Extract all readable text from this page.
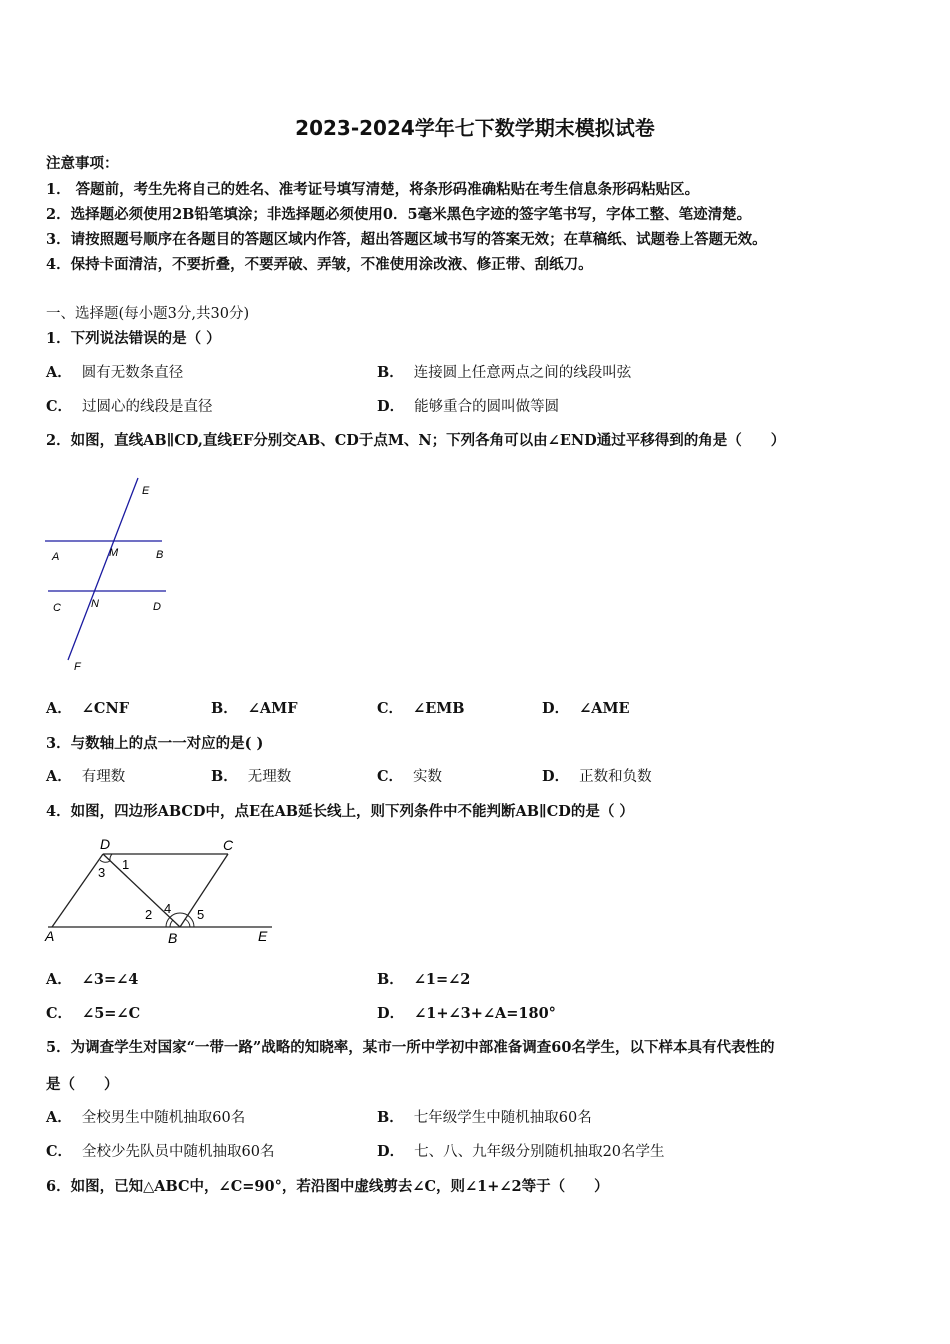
2023-2024学年七下数学期末模拟试卷
注意事项：
1． 答题前，考生先将自己的姓名、准考证号填写清楚，将条形码准确粘贴在考生信息条形码粘贴区。
2．选择题必须使用2B铅笔填涂；非选择题必须使用0．5毫米黑色字迹的签字笔书写，字体工整、笔迹清楚。
3．请按照题号顺序在各题目的答题区域内作答，超出答题区域书写的答案无效；在草稿纸、试题卷上答题无效。
4．保持卡面清洁，不要折叠，不要弄破、弄皱，不准使用涂改液、修正带、刮纸刀。
一、选择题(每小题3分,共30分)
1．下列说法错误的是（ ）
A． 圆有无数条直径	B． 连接圆上任意两点之间的线段叫弦
C． 过圆心的线段是直径	D． 能够重合的圆叫做等圆
2．如图，直线AB∥CD,直线EF分别交AB、CD于点M、N；下列各角可以由∠END通过平移得到的角是（　　）
E
A	M	B
C	N	D
F
A． ∠CNF	B． ∠AMF	C． ∠EMB	D． ∠AME
3．与数轴上的点一一对应的是( )
A． 有理数	B． 无理数	C． 实数	D． 正数和负数
4．如图，四边形ABCD中，点E在AB延长线上，则下列条件中不能判断AB∥CD的是（ ）
D	C
A	B	E
1
3
4
2	5
A． ∠3=∠4	B． ∠1=∠2
C． ∠5=∠C	D． ∠1+∠3+∠A=180°
5．为调查学生对国家“一带一路”战略的知晓率，某市一所中学初中部准备调查60名学生，以下样本具有代表性的
是（　　）
A． 全校男生中随机抽取60名	B． 七年级学生中随机抽取60名
C． 全校少先队员中随机抽取60名	D． 七、八、九年级分别随机抽取20名学生
6．如图，已知△ABC中，∠C=90°，若沿图中虚线剪去∠C，则∠1+∠2等于（　　）
